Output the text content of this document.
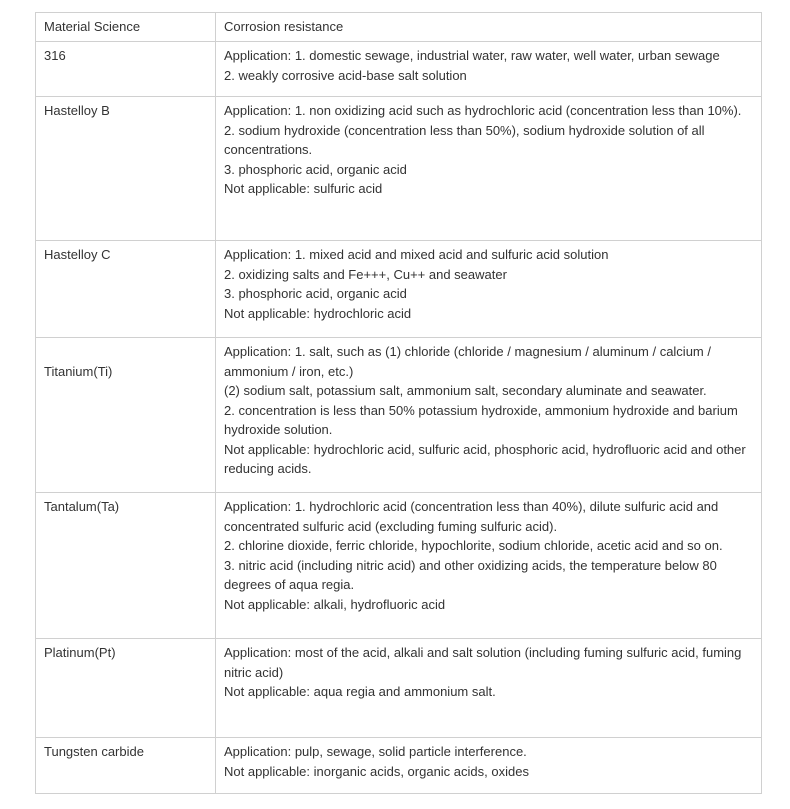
Material Science	Corrosion resistance
316	Application: 1. domestic sewage, industrial water, raw water, well water, urban sewage
2. weakly corrosive acid-base salt solution

Hastelloy B	Application: 1. non oxidizing acid such as hydrochloric acid (concentration less than 10%).
2. sodium hydroxide (concentration less than 50%), sodium hydroxide solution of all concentrations.
3. phosphoric acid, organic acid
Not applicable: sulfuric acid

Hastelloy C	Application: 1. mixed acid and mixed acid and sulfuric acid solution
2. oxidizing salts and Fe+++, Cu++ and seawater
3. phosphoric acid, organic acid
Not applicable: hydrochloric acid

Titanium(Ti)	Application: 1. salt, such as (1) chloride (chloride / magnesium / aluminum / calcium / ammonium / iron, etc.)
(2) sodium salt, potassium salt, ammonium salt, secondary aluminate and seawater.
2. concentration is less than 50% potassium hydroxide, ammonium hydroxide and barium hydroxide solution.
Not applicable: hydrochloric acid, sulfuric acid, phosphoric acid, hydrofluoric acid and other reducing acids.

Tantalum(Ta)	Application: 1. hydrochloric acid (concentration less than 40%), dilute sulfuric acid and concentrated sulfuric acid (excluding fuming sulfuric acid).
2. chlorine dioxide, ferric chloride, hypochlorite, sodium chloride, acetic acid and so on.
3. nitric acid (including nitric acid) and other oxidizing acids, the temperature below 80 degrees of aqua regia.
Not applicable: alkali, hydrofluoric acid

Platinum(Pt)	Application: most of the acid, alkali and salt solution (including fuming sulfuric acid, fuming nitric acid)
Not applicable: aqua regia and ammonium salt.

Tungsten carbide	Application: pulp, sewage, solid particle interference.
Not applicable: inorganic acids, organic acids, oxides
